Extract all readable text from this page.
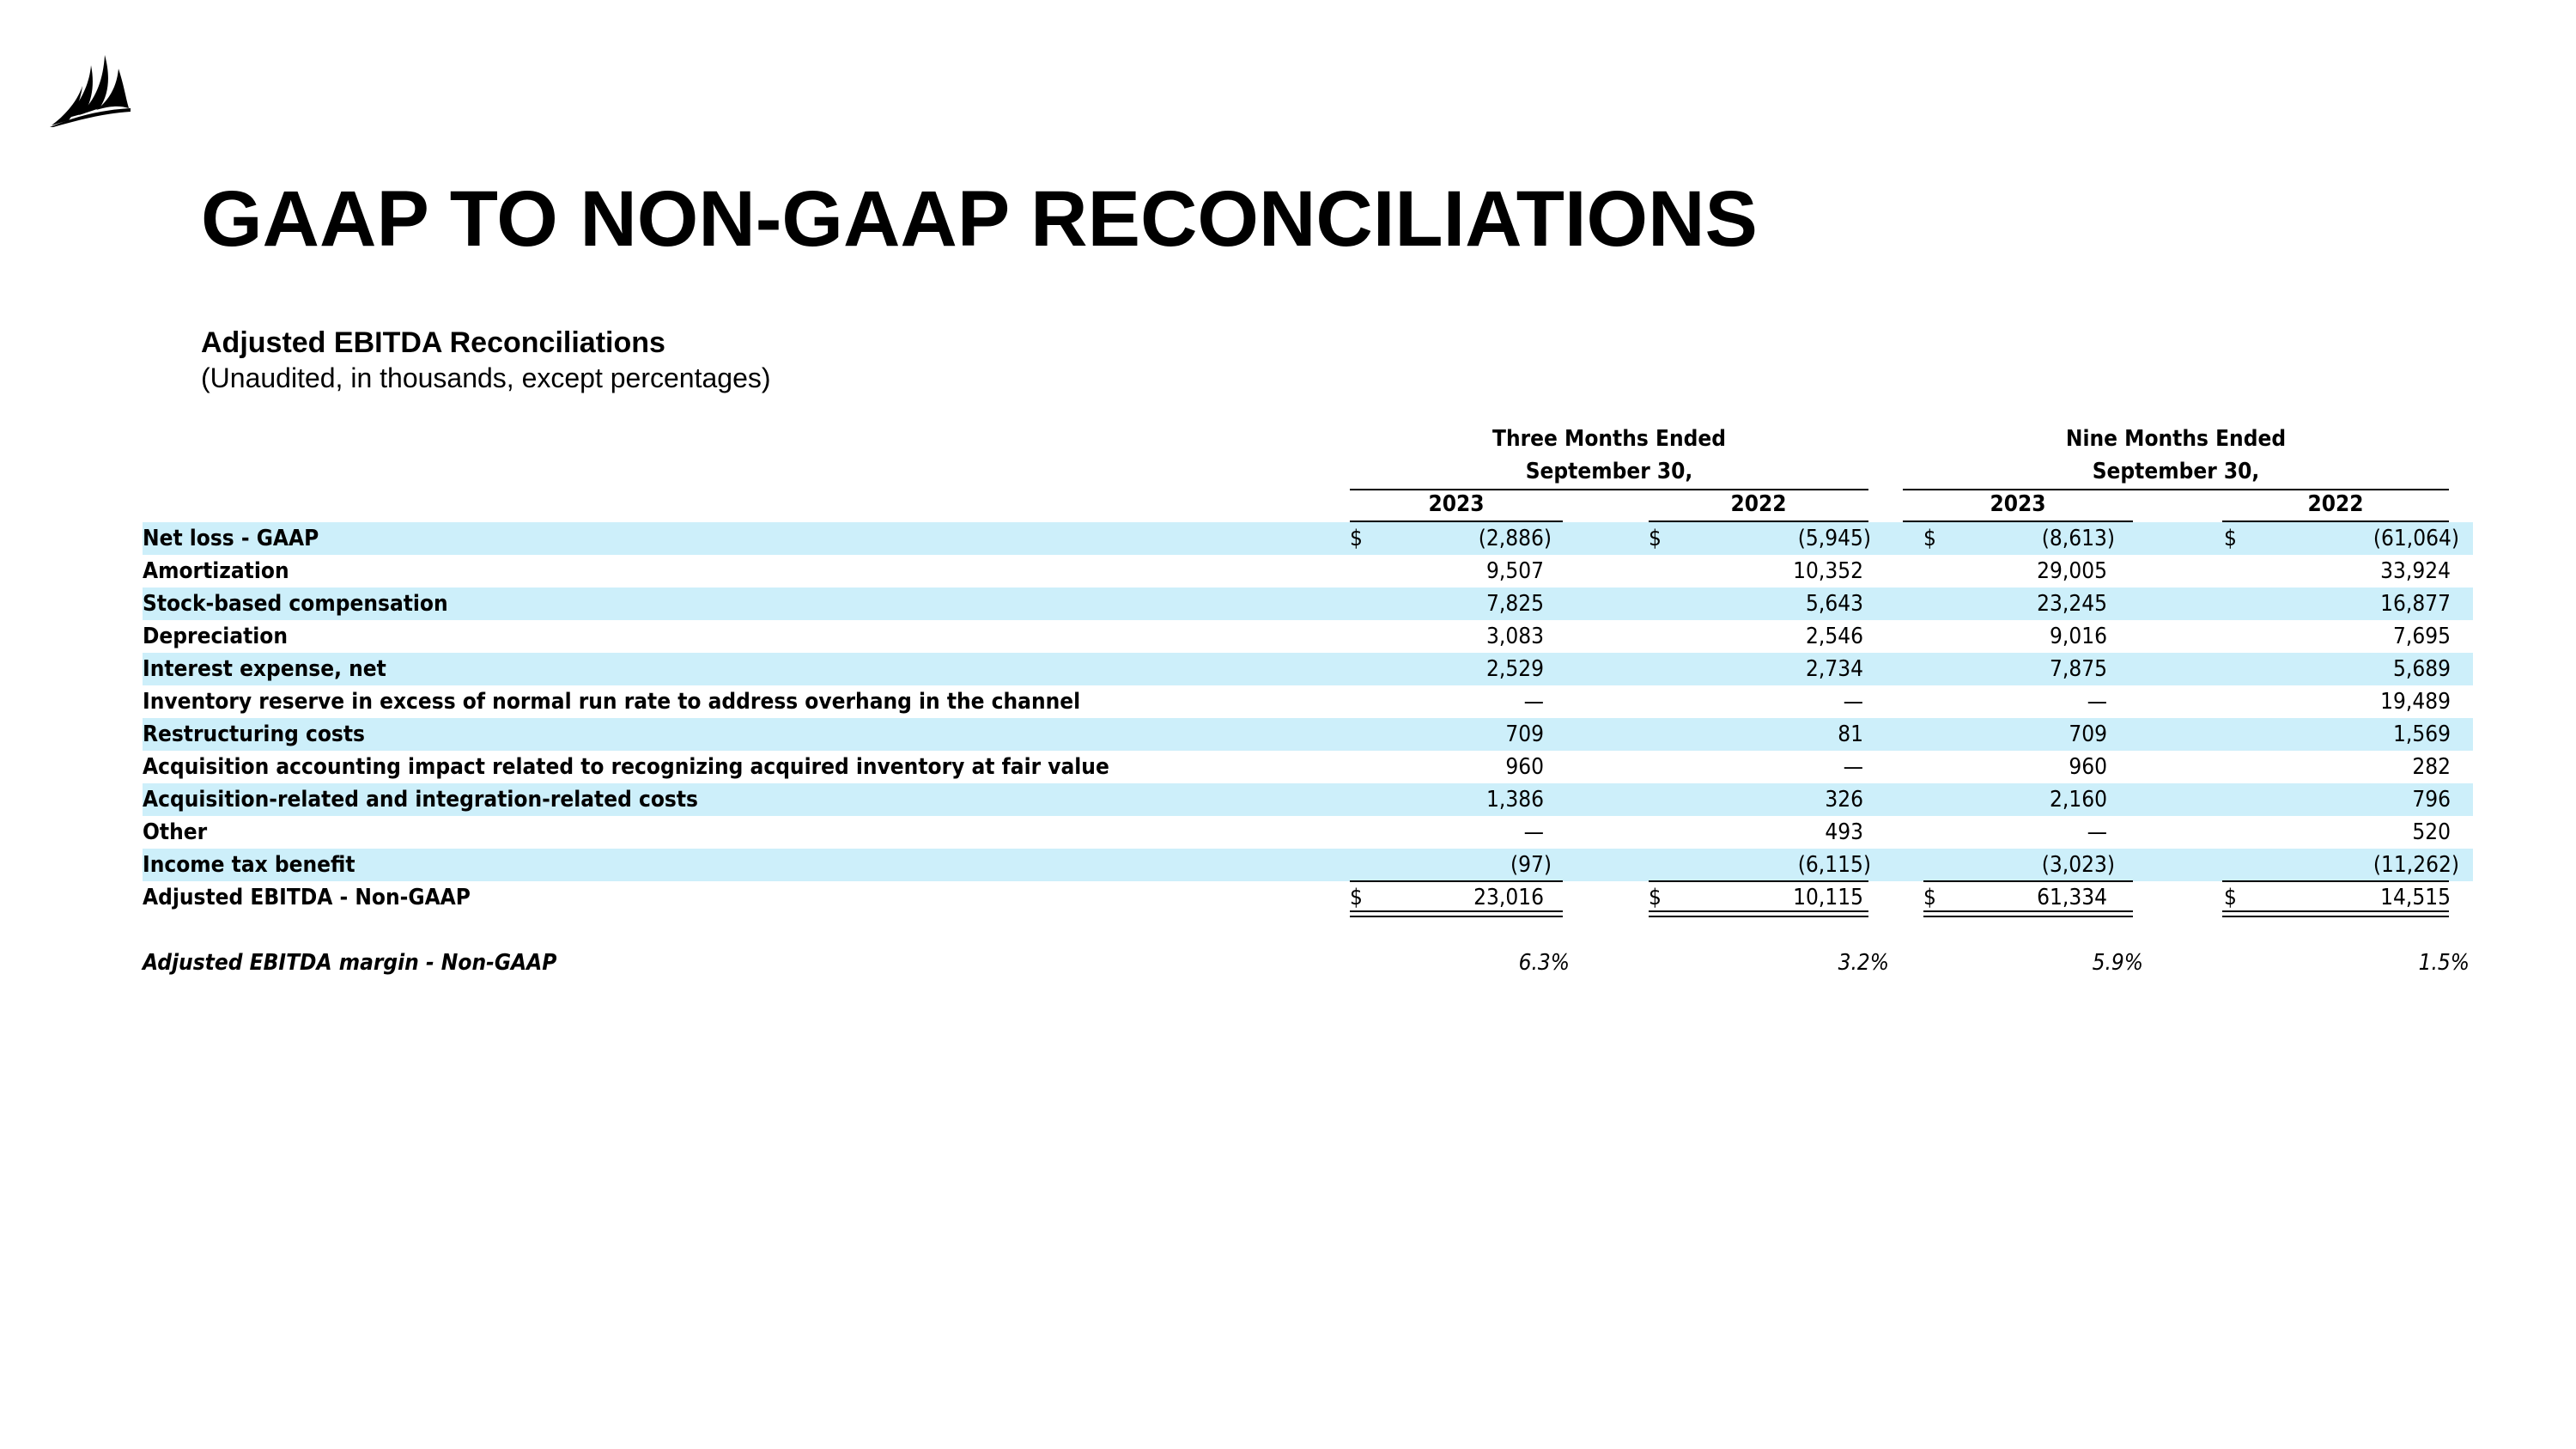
GAAP TO NON-GAAP RECONCILIATIONS
Adjusted EBITDA Reconciliations
(Unaudited, in thousands, except percentages)
Three Months Ended
September 30,
Nine Months Ended
September 30,
2023	2022	2023	2022
Net loss - GAAP	$	(2,886)	$	(5,945) $	(8,613)	$	(61,064)
Amortization	9,507	10,352	29,005	33,924
Stock-based compensation	7,825	5,643	23,245	16,877
Depreciation	3,083	2,546	9,016	7,695
Interest expense, net	2,529	2,734	7,875	5,689
Inventory reserve in excess of normal run rate to address overhang in the channel	—	—	—	19,489
Restructuring costs	709	81	709	1,569
Acquisition accounting impact related to recognizing acquired inventory at fair value	960	—	960	282
Acquisition-related and integration-related costs	1,386	326	2,160	796
Other	—	493	—	520
Income tax benefit	(97)	(6,115)	(3,023)	(11,262)
Adjusted EBITDA - Non-GAAP	$	23,016	$	10,115	$	61,334	$	14,515
Adjusted EBITDA margin - Non-GAAP	6.3%	3.2%	5.9%	1.5%
